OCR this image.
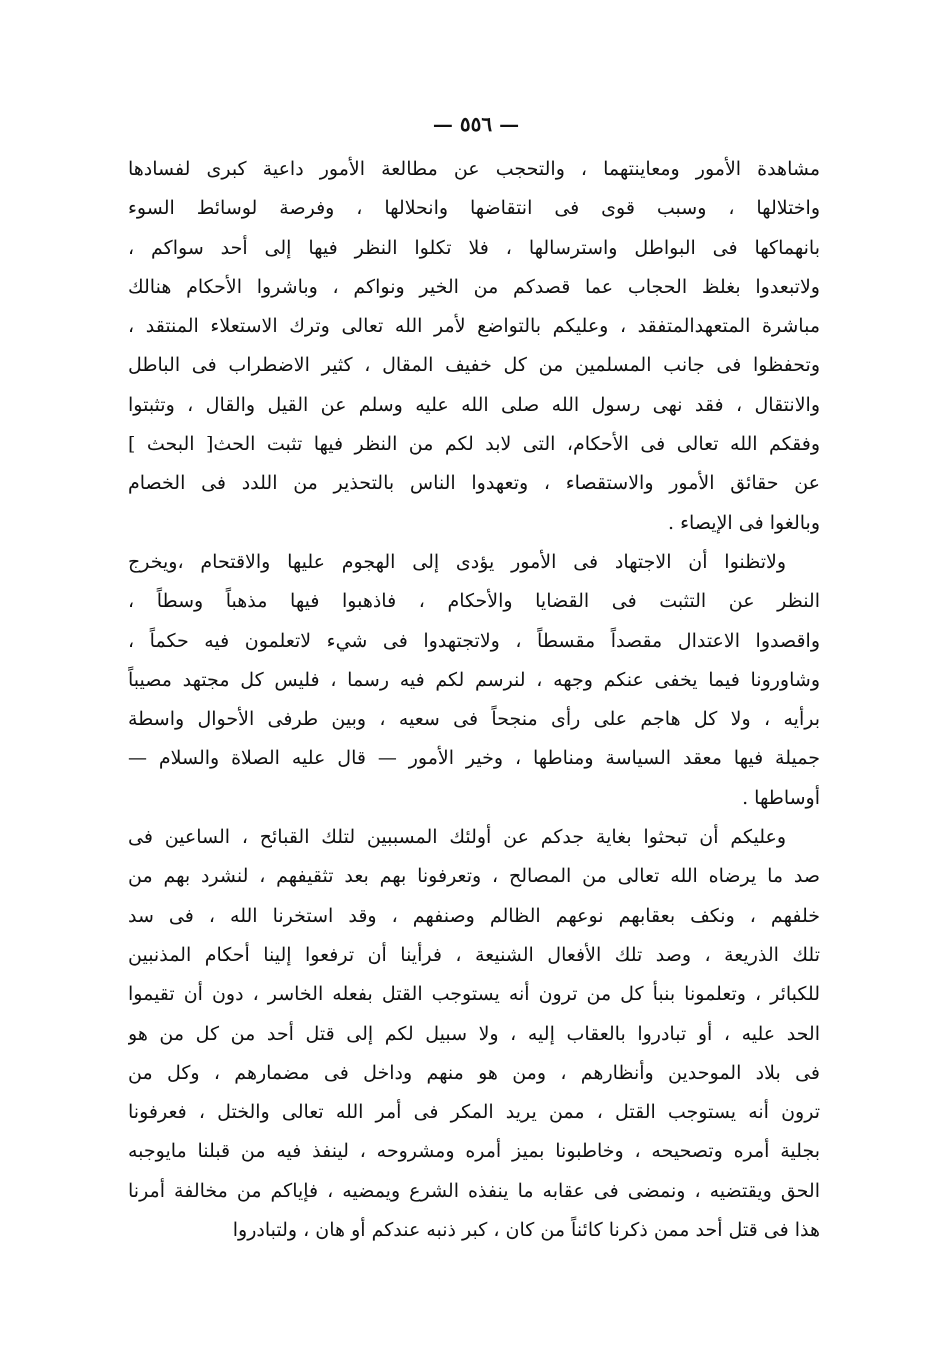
— ٥٥٦ —
مشاهدة الأمور ومعاينتهما ، والتحجب عن مطالعة الأمور داعية كبرى لفسادها
واختلالها ، وسبب قوى فى انتقاضها وانحلالها ، وفرصة لوسائط السوء
بانهماكها فى البواطل واسترسالها ، فلا تكلوا النظر فيها إلى أحد سواكم ،
ولاتبعدوا بغلظ الحجاب عما قصدكم من الخير ونواكم ، وباشروا الأحكام هنالك
مباشرة المتعهدالمتفقد ، وعليكم بالتواضع لأمر الله تعالى وترك الاستعلاء المنتقد ،
وتحفظوا فى جانب المسلمين من كل خفيف المقال ، كثير الاضطراب فى الباطل
والانتقال ، فقد نهى رسول الله صلى الله عليه وسلم عن القيل والقال ، وتثبتوا
وفقكم الله تعالى فى الأحكام، التى لابد لكم من النظر فيها تثبت الحث[ البحث ]
عن حقائق الأمور والاستقصاء ، وتعهدوا الناس بالتحذير من اللدد فى الخصام
وبالغوا فى الإيصاء .
ولاتظنوا أن الاجتهاد فى الأمور يؤدى إلى الهجوم عليها والاقتحام ،ويخرج
النظر عن التثبت فى القضايا والأحكام ، فاذهبوا فيها مذهباً وسطاً ،
واقصدوا الاعتدال مقصداً مقسطاً ، ولاتجتهدوا فى شيء لاتعلمون فيه حكماً ،
وشاورونا فيما يخفى عنكم وجهه ، لنرسم لكم فيه رسما ، فليس كل مجتهد مصيباً
برأيه ، ولا كل هاجم على رأى منجحاً فى سعيه ، وبين طرفى الأحوال واسطة
جميلة فيها معقد السياسة ومناطها ، وخير الأمور — قال عليه الصلاة والسلام —
أوساطها .
وعليكم أن تبحثوا بغاية جدكم عن أولئك المسببين لتلك القبائح ، الساعين فى
صد ما يرضاه الله تعالى من المصالح ، وتعرفونا بهم بعد تثقيفهم ، لنشرد بهم من
خلفهم ، ونكف بعقابهم نوعهم الظالم وصنفهم ، وقد استخرنا الله ، فى سد
تلك الذريعة ، وصد تلك الأفعال الشنيعة ، فرأينا أن ترفعوا إلينا أحكام المذنبين
للكبائر ، وتعلمونا بنبأ كل من ترون أنه يستوجب القتل بفعله الخاسر ، دون أن تقيموا
الحد عليه ، أو تبادروا بالعقاب إليه ، ولا سبيل لكم إلى قتل أحد من كل من هو
فى بلاد الموحدين وأنظارهم ، ومن هو منهم وداخل فى مضمارهم ، وكل من
ترون أنه يستوجب القتل ، ممن يريد المكر فى أمر الله تعالى والختل ، فعرفونا
بجلية أمره وتصحيحه ، وخاطبونا بميز أمره ومشروحه ، لينفذ فيه من قبلنا مايوجبه
الحق ويقتضيه ، ونمضى فى عقابه ما ينفذه الشرع ويمضيه ، فإياكم من مخالفة أمرنا
هذا فى قتل أحد ممن ذكرنا كائناً من كان ، كبر ذنبه عندكم أو هان ، ولتبادروا
